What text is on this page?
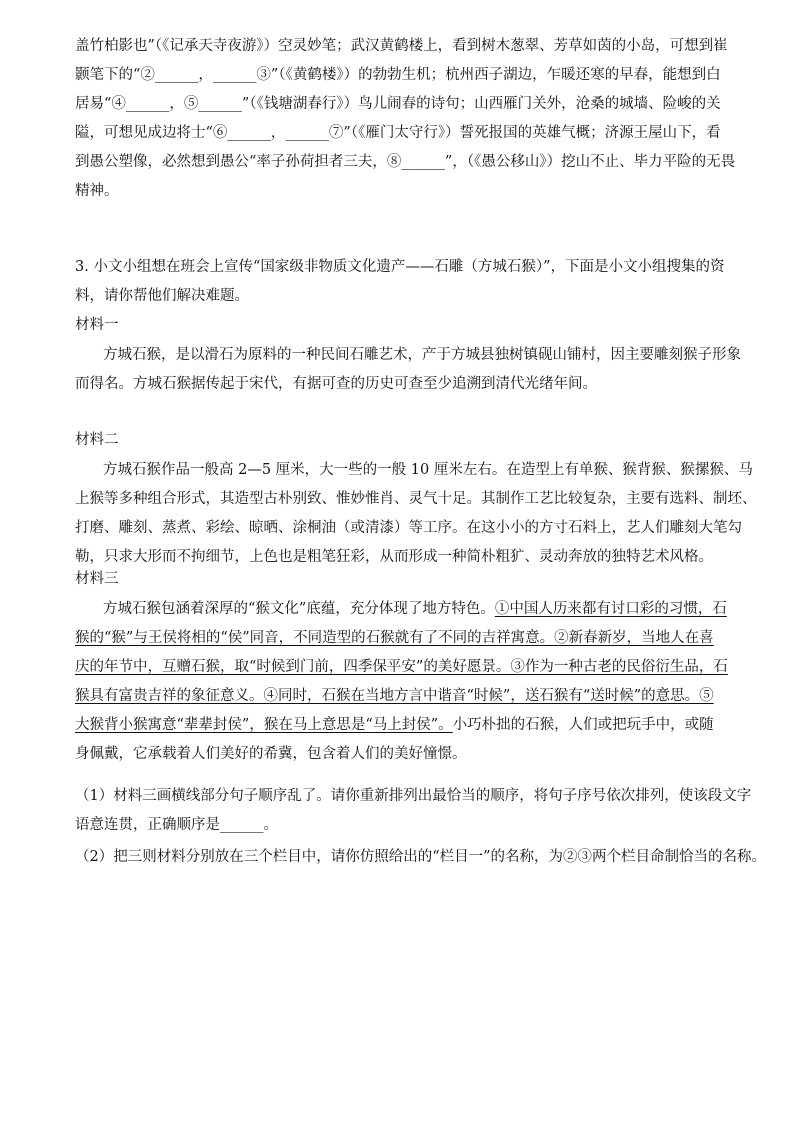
盖竹柏影也”（《记承天寺夜游》）空灵妙笔；武汉黄鹤楼上，看到树木葱翠、芳草如茵的小岛，可想到崔
颢笔下的“②______，______③”（《黄鹤楼》）的勃勃生机；杭州西子湖边，乍暖还寒的早春，能想到白
居易“④______，⑤______”（《钱塘湖春行》）鸟儿闹春的诗句；山西雁门关外，沧桑的城墙、险峻的关
隘，可想见成边将士“⑥______，______⑦”（《雁门太守行》）誓死报国的英雄气概；济源王屋山下，看
到愚公塑像，必然想到愚公“率子孙荷担者三夫，⑧______”，（《愚公移山》）挖山不止、毕力平险的无畏
精神。
3. 小文小组想在班会上宣传“国家级非物质文化遗产——石雕（方城石猴）”，下面是小文小组搜集的资
料，请你帮他们解决难题。
材料一
方城石猴，是以滑石为原料的一种民间石雕艺术，产于方城县独树镇砚山铺村，因主要雕刻猴子形象
而得名。方城石猴据传起于宋代，有据可查的历史可查至少追溯到清代光绪年间。
材料二
方城石猴作品一般高 2—5 厘米，大一些的一般 10 厘米左右。在造型上有单猴、猴背猴、猴摞猴、马
上猴等多种组合形式，其造型古朴别致、惟妙惟肖、灵气十足。其制作工艺比较复杂，主要有选料、制坯、
打磨、雕刻、蒸煮、彩绘、晾晒、涂桐油（或清漆）等工序。在这小小的方寸石料上，艺人们雕刻大笔勾
勒，只求大形而不拘细节，上色也是粗笔狂彩，从而形成一种简朴粗犷、灵动奔放的独特艺术风格。
材料三
方城石猴包涵着深厚的“猴文化”底蕴，充分体现了地方特色。①中国人历来都有讨口彩的习惯，石
猴的“猴”与王侯将相的“侯”同音，不同造型的石猴就有了不同的吉祥寓意。②新春新岁，当地人在喜
庆的年节中，互赠石猴，取“时候到门前，四季保平安”的美好愿景。③作为一种古老的民俗衍生品，石
猴具有富贵吉祥的象征意义。④同时，石猴在当地方言中谐音“时候”，送石猴有“送时候”的意思。⑤
大猴背小猴寓意“辈辈封侯”，猴在马上意思是“马上封侯”。小巧朴拙的石猴，人们或把玩手中，或随
身佩戴，它承载着人们美好的希冀，包含着人们的美好憧憬。
（1）材料三画横线部分句子顺序乱了。请你重新排列出最恰当的顺序，将句子序号依次排列，使该段文字
语意连贯，正确顺序是______。
（2）把三则材料分别放在三个栏目中，请你仿照给出的“栏目一”的名称，为②③两个栏目命制恰当的名称。
